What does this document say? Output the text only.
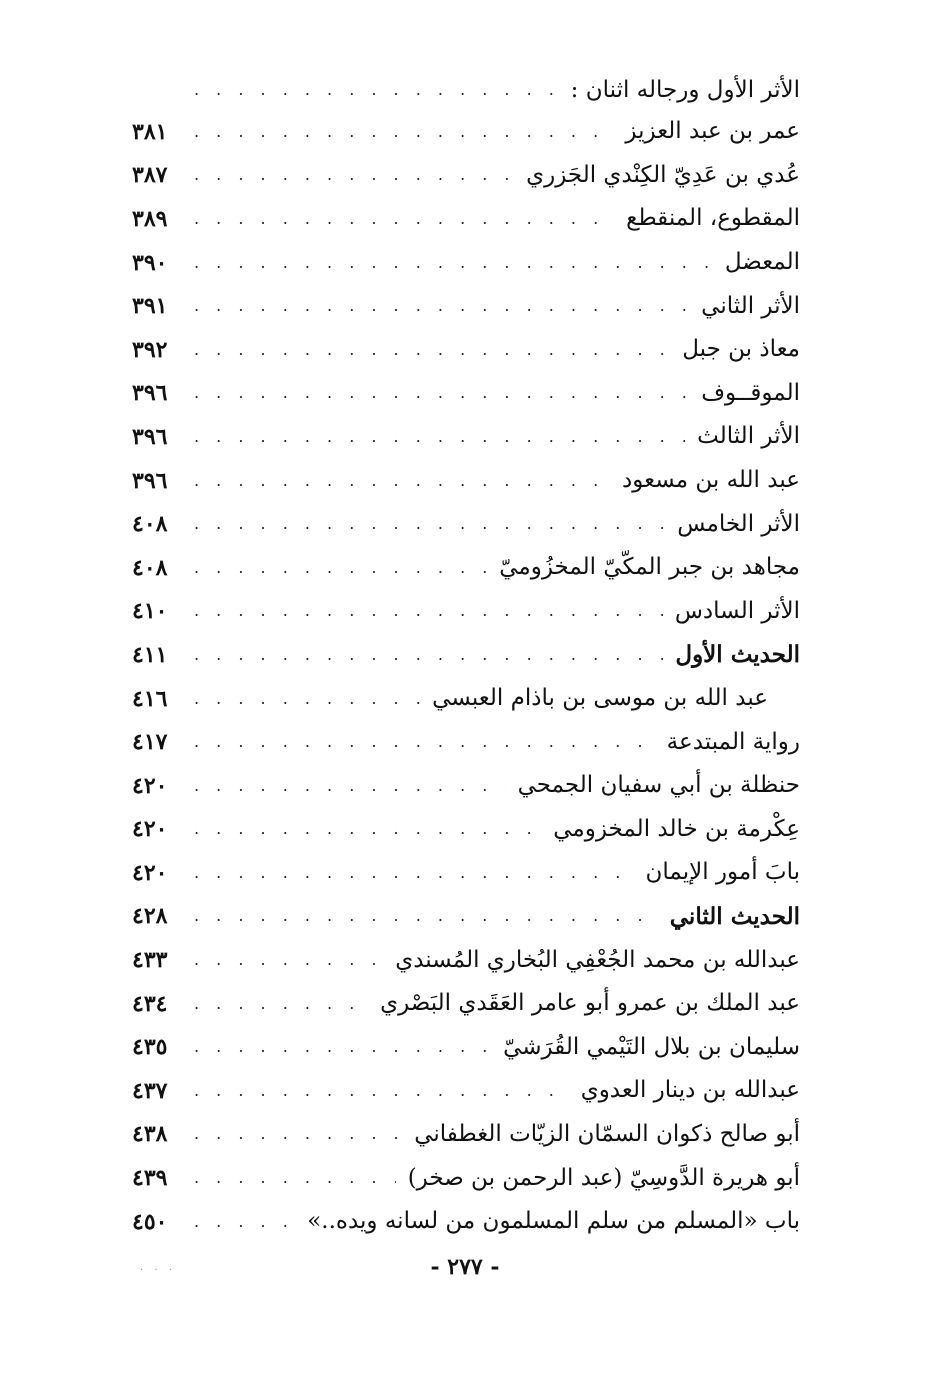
الأثر الأول ورجاله اثنان :
. . .
عمر بن عبد العزيز
. . .
٣٨١
عُدي بن عَدِيّ الكِنْدي الجَزري
. . .
٣٨٧
المقطوع، المنقطع
. . .
٣٨٩
المعضل
. . .
٣٩٠
الأثر الثاني
. . .
٣٩١
معاذ بن جبل
. . .
٣٩٢
الموقــوف
. . .
٣٩٦
الأثر الثالث
. . .
٣٩٦
عبد الله بن مسعود
. . .
٣٩٦
الأثر الخامس
. . .
٤٠٨
مجاهد بن جبر المكّيّ المخزُوميّ
. . .
٤٠٨
الأثر السادس
. . .
٤١٠
الحديث الأول
. . .
٤١١
عبد الله بن موسى بن باذام العبسي
. . .
٤١٦
رواية المبتدعة
. . .
٤١٧
حنظلة بن أبي سفيان الجمحي
. . .
٤٢٠
عِكْرمة بن خالد المخزومي
. . .
٤٢٠
بابَ أمور الإيمان
. . .
٤٢٠
الحديث الثاني
. . .
٤٢٨
عبدالله بن محمد الجُعْفِي البُخاري المُسندي
. . .
٤٣٣
عبد الملك بن عمرو أبو عامر العَقَدي البَصْري
. . .
٤٣٤
سليمان بن بلال التَيْمي القُرَشيّ
. . .
٤٣٥
عبدالله بن دينار العدوي
. . .
٤٣٧
أبو صالح ذكوان السمّان الزيّات الغطفاني
. . .
٤٣٨
أبو هريرة الدَّوسِيّ (عبد الرحمن بن صخر)
. . .
٤٣٩
باب «المسلم من سلم المسلمون من لسانه ويده..»
. . .
٤٥٠
· · ·	- ٢٧٧ -
